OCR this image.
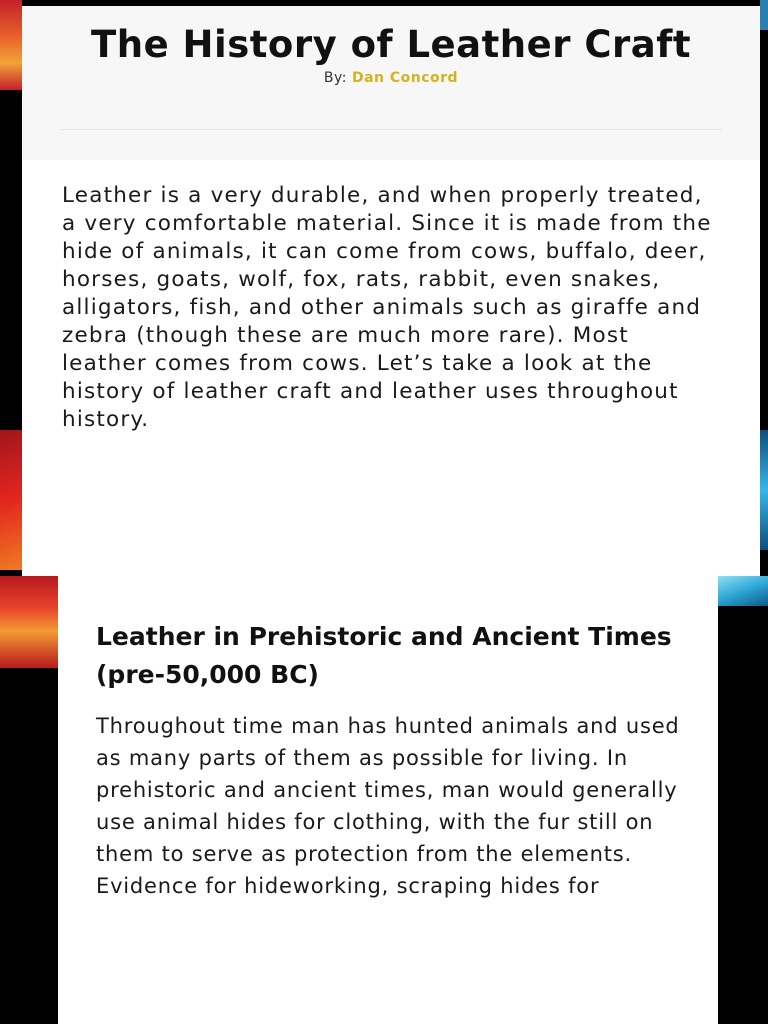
The History of Leather Craft
By: Dan Concord

Leather is a very durable, and when properly treated, a very comfortable material. Since it is made from the hide of animals, it can come from cows, buffalo, deer, horses, goats, wolf, fox, rats, rabbit, even snakes, alligators, fish, and other animals such as giraffe and zebra (though these are much more rare). Most leather comes from cows. Let’s take a look at the history of leather craft and leather uses throughout history.

Leather in Prehistoric and Ancient Times (pre-50,000 BC)

Throughout time man has hunted animals and used as many parts of them as possible for living. In prehistoric and ancient times, man would generally use animal hides for clothing, with the fur still on them to serve as protection from the elements. Evidence for hideworking, scraping hides for
